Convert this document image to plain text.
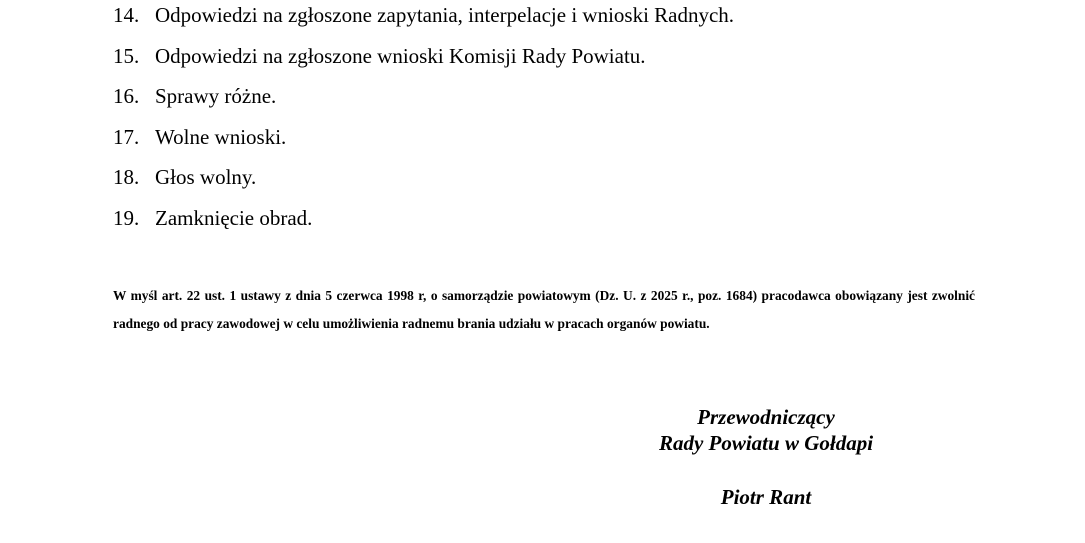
14. Odpowiedzi na zgłoszone zapytania, interpelacje i wnioski Radnych.
15. Odpowiedzi na zgłoszone wnioski Komisji Rady Powiatu.
16. Sprawy różne.
17. Wolne wnioski.
18. Głos wolny.
19. Zamknięcie obrad.

W myśl art. 22 ust. 1 ustawy z dnia 5 czerwca 1998 r, o samorządzie powiatowym (Dz. U. z 2025 r., poz. 1684) pracodawca obowiązany jest zwolnić radnego od pracy zawodowej w celu umożliwienia radnemu brania udziału w pracach organów powiatu.

Przewodniczący
Rady Powiatu w Gołdapi
Piotr Rant
